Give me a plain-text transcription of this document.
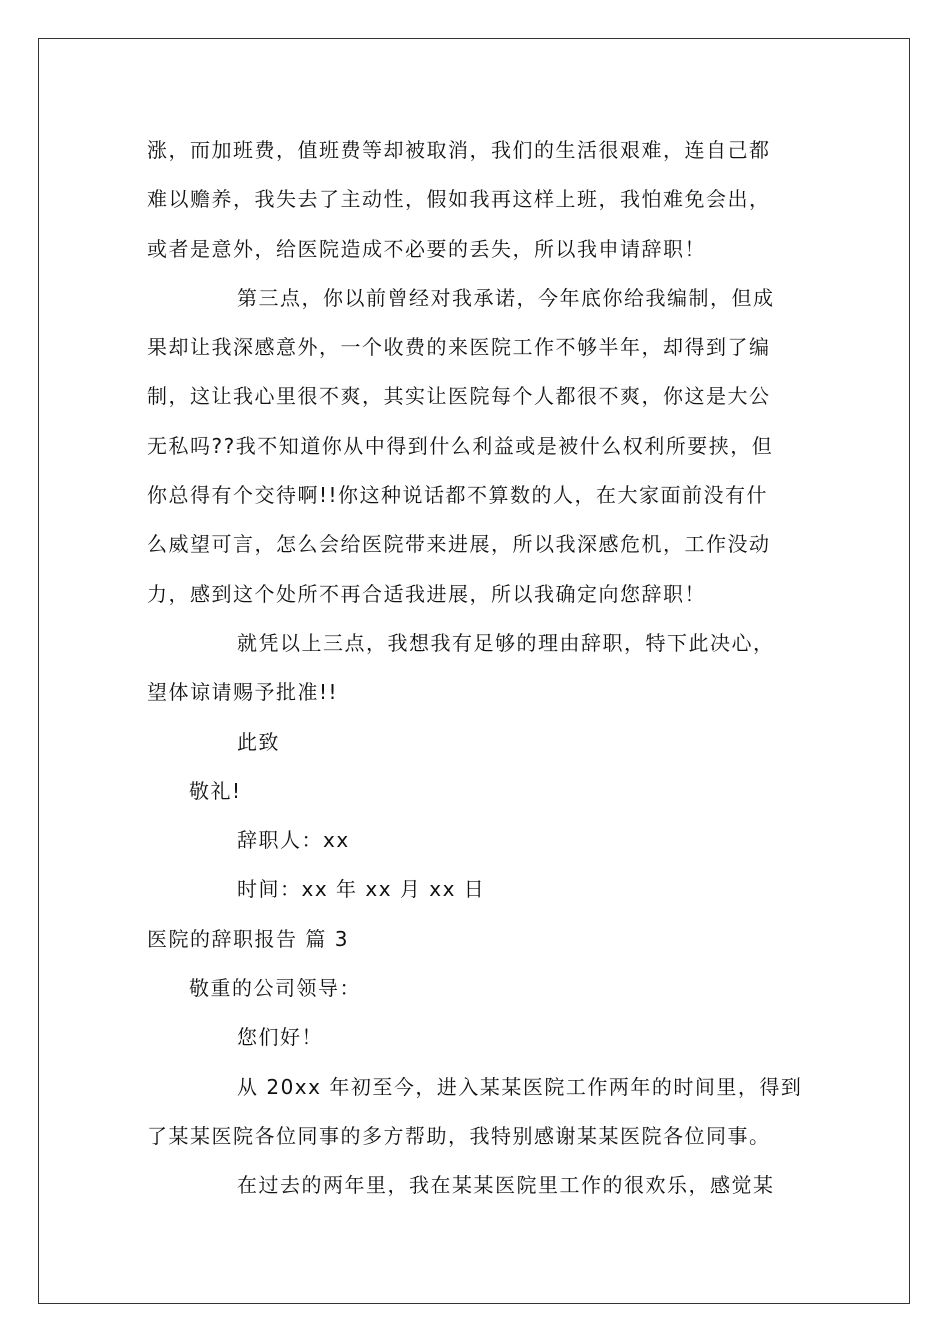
涨，而加班费，值班费等却被取消，我们的生活很艰难，连自己都
难以赡养，我失去了主动性，假如我再这样上班，我怕难免会出，
或者是意外，给医院造成不必要的丢失，所以我申请辞职！
第三点，你以前曾经对我承诺，今年底你给我编制，但成
果却让我深感意外，一个收费的来医院工作不够半年，却得到了编
制，这让我心里很不爽，其实让医院每个人都很不爽，你这是大公
无私吗??我不知道你从中得到什么利益或是被什么权利所要挟，但
你总得有个交待啊!!你这种说话都不算数的人，在大家面前没有什
么威望可言，怎么会给医院带来进展，所以我深感危机，工作没动
力，感到这个处所不再合适我进展，所以我确定向您辞职！
就凭以上三点，我想我有足够的理由辞职，特下此决心，
望体谅请赐予批准!!
此致
敬礼!
辞职人：xx
时间：xx 年 xx 月 xx 日
医院的辞职报告 篇 3
敬重的公司领导：
您们好！
从 20xx 年初至今，进入某某医院工作两年的时间里，得到
了某某医院各位同事的多方帮助，我特别感谢某某医院各位同事。
在过去的两年里，我在某某医院里工作的很欢乐，感觉某
